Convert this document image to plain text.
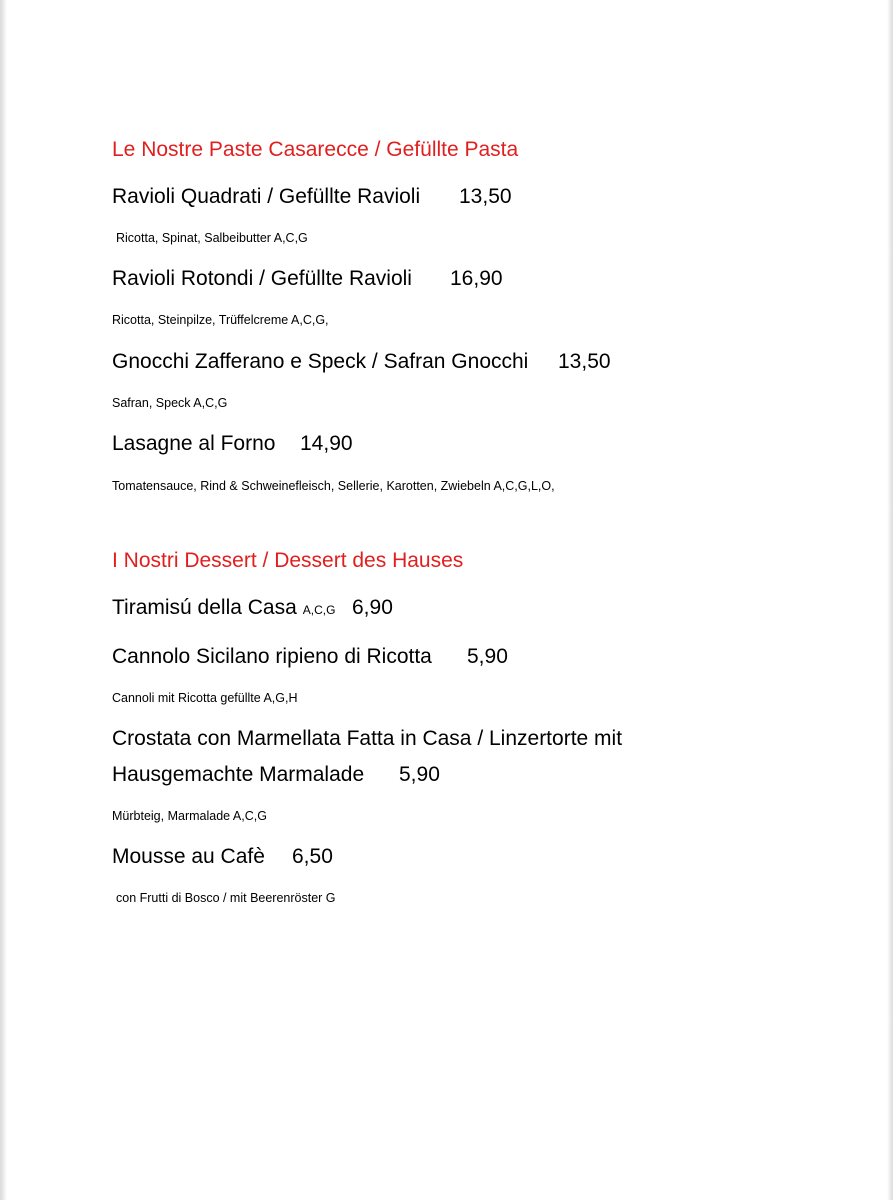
Le Nostre Paste Casarecce / Gefüllte Pasta
Ravioli Quadrati / Gefüllte Ravioli 13,50
Ricotta, Spinat, Salbeibutter A,C,G
Ravioli Rotondi / Gefüllte Ravioli 16,90
Ricotta, Steinpilze, Trüffelcreme A,C,G,
Gnocchi Zafferano e Speck / Safran Gnocchi 13,50
Safran, Speck A,C,G
Lasagne al Forno 14,90
Tomatensauce, Rind & Schweinefleisch, Sellerie, Karotten, Zwiebeln A,C,G,L,O,
I Nostri Dessert / Dessert des Hauses
Tiramisú della Casa A,C,G 6,90
Cannolo Sicilano ripieno di Ricotta 5,90
Cannoli mit Ricotta gefüllte A,G,H
Crostata con Marmellata Fatta in Casa / Linzertorte mit
Hausgemachte Marmalade 5,90
Mürbteig, Marmalade A,C,G
Mousse au Cafè 6,50
con Frutti di Bosco / mit Beerenröster G
